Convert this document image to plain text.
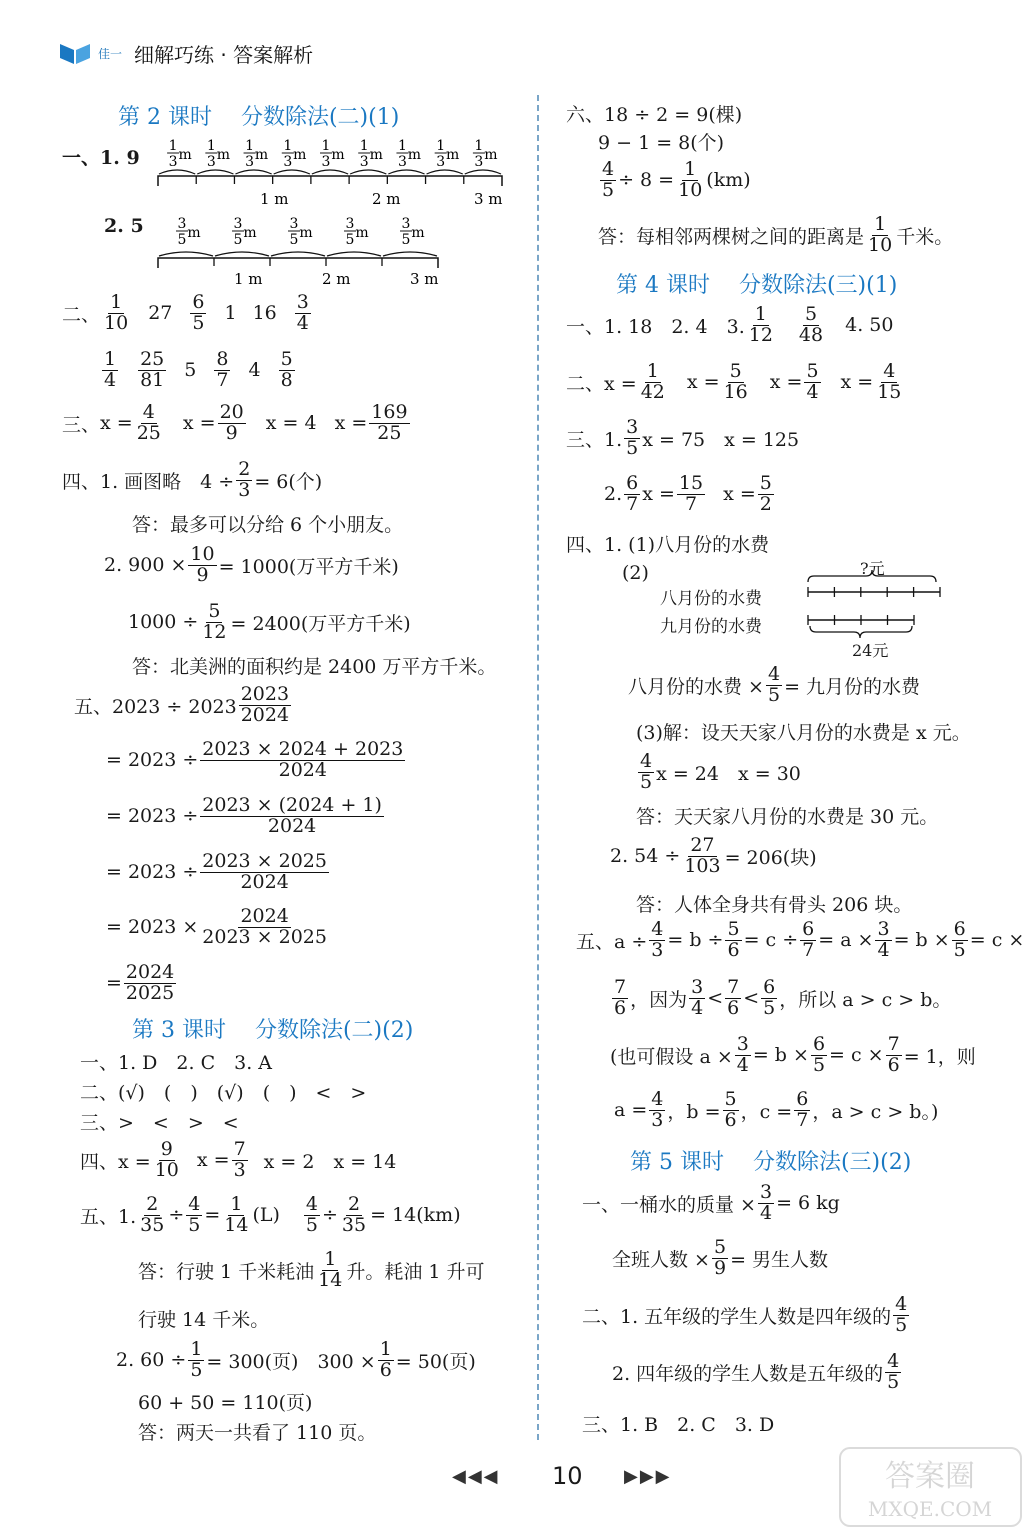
佳一 细解巧练 · 答案解析
第 2 课时　 分数除法(二)(1)
一、1. 9
1
3 m
1
3 m
1
3 m
1
3 m
1
3 m
1
3 m
1
3 m
1
3 m
1
3 m
1 m	2 m	3 m
2. 5 3
5 m
3
5 m
3
5 m
3
5 m
3
5 m
1 m	2 m	3 m
二、 $\frac{1}{10} 27 \frac{6}{5} 1$ $16 \frac{3}{4}$
$\frac{1}{4} \frac{25}{81} 5 \frac{8}{7} 4 \frac{5}{8}$
三、 $x = \frac{4}{25}$ $x = \frac{20}{9}$ x = 4 $x = \frac{169}{25}$
四、1. 画图略　$4 \div \frac{2}{3} = 6$(个)
答：最多可以分给 6 个小朋友。
2. $900 \times \frac{10}{9} = 1000$(万平方千米)
$1000 \div \frac{5}{12} = 2400$(万平方千米)
答：北美洲的面积约是 2400 万平方千米。
五、$2023 \div 2023 \frac{2023}{2024}$
= $2023 \div \frac{2023 \times 2024 + 2023}{2024}$
= $2023 \div \frac{2023 \times (2024 + 1)}{2024}$
= $2023 \div \frac{2023 \times 2025}{2024}$
= $2023 \times \frac{2024}{2023 \times 2025}$
= $\frac{2024}{2025}$
第 3 课时　 分数除法(二)(2)
一、1. D　2. C　3. A
二、(√)　(　)　(√)　(　)　<　>
三、>　<　>　<
四、$x = \frac{9}{10}$ $x = \frac{7}{3}$ x = 2　x = 14
五、1. $\frac{2}{35} \div \frac{4}{5} = \frac{1}{14} (L) \frac{4}{5} \div \frac{2}{35} = 14(km)$
答：行驶 1 千米耗油 $\frac{1}{14}$ 升。耗油 1 升可
行驶 14 千米。
2. $60 \div \frac{1}{5} = 300$(页)　$300 \times \frac{1}{6} = 50$(页)
60 + 50 = 110(页)
答：两天一共看了 110 页。
六、18 ÷ 2 = 9(棵)
9 − 1 = 8(个)
$\frac{4}{5} \div 8 = \frac{1}{10} (km)$
答：每相邻两棵树之间的距离是 $\frac{1}{10}$ 千米。
第 4 课时　 分数除法(三)(1)
一、1. 18　2. 4　3. $\frac{1}{12} \frac{5}{48} 4$. 50
二、$x = \frac{1}{42}$ $x = \frac{5}{16}$ $x = \frac{5}{4}$ $x = \frac{4}{15}$
三、1. $\frac{3}{5}$ x = 75　x = 125
2. $\frac{6}{7}$ $x = \frac{15}{7}$ $x = \frac{5}{2}$
四、1. (1)八月份的水费
(2)
八月份的水费
九月份的水费
?元
24元
八月份的水费 × $\frac{4}{5}$ = 九月份的水费
(3)解：设天天家八月份的水费是 x 元。
$\frac{4}{5}$ x = 24　x = 30
答：天天家八月份的水费是 30 元。
2. $54 \div \frac{27}{103} = 206$(块)
答：人体全身共有骨头 206 块。
五、$a \div \frac{4}{3} = b \div \frac{5}{6} = c \div \frac{6}{7} = a \times \frac{3}{4} = b \times \frac{6}{5} = c$ ×
$\frac{7}{6}$ ，因为 $\frac{3}{4} < \frac{7}{6} < \frac{6}{5}$ ，所以 a > c > b。
(也可假设 $a \times \frac{3}{4} = b \times \frac{6}{5} = c \times \frac{7}{6} = 1$，则
$a = \frac{4}{3}$ ，$b = \frac{5}{6}$ ，$c = \frac{6}{7}$ ，a > c > b。)
第 5 课时　 分数除法(三)(2)
一、一桶水的质量 × $\frac{3}{4} = 6$ kg
全班人数 × $\frac{5}{9}$ = 男生人数
二、1. 五年级的学生人数是四年级的 $\frac{4}{5}$
2. 四年级的学生人数是五年级的 $\frac{4}{5}$
三、1. B　2. C　3. D
◀◀◀ 10 ▶▶▶	答案圈
MXQE.COM
